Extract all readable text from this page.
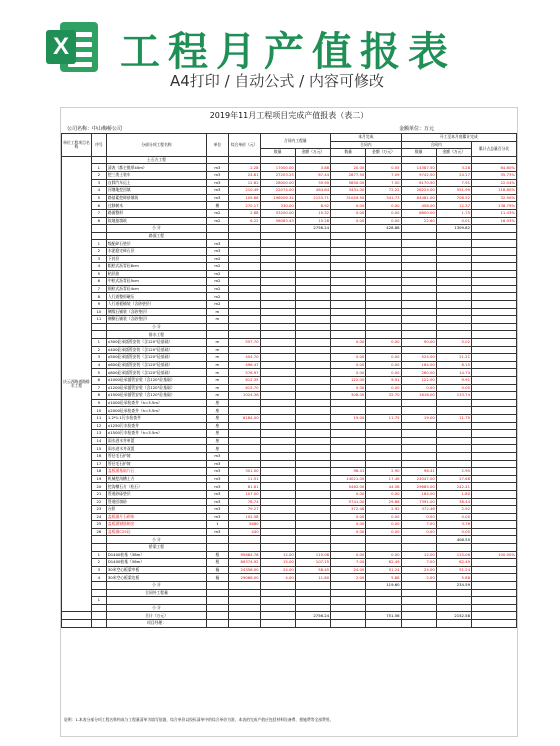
X 工程月产值报表
A4打印 / 自动公式 / 内容可修改
2019年11月工程项目完成产值报表（表二）
公司名称：中山梅桥公司	金额单位：万元
单位工程项目名称	序号	分部分项工程名称	单位	综合单价（元）	合同内工程量		本月完成		开工至本月底累计完成		
							合同内		合同内		累计占总量百分比
					数量	金额（万元）	数量	金额（万元）	数量	金额（万元）	
庆云西路道路排水工程		土石方工程									
	1	清表（都主挑厚40m）	m3	2.28	17000.00	3.88	20.00	0.05	14387.50	3.28	84.60%
	2	挖三类土装车	m3	24.81	27203.25	67.44	2877.50	7.09	9742.50	24.17	35.73%
	3	自卸汽车运土	m3	12.82	28000.00	35.90	5850.00	7.50	6170.50	7.91	22.04%
	4	河塘地挖回填	m3	210.49	22074.00	464.64	3431.00	72.22	26224.00	551.99	118.80%
	5	路基素挖碎砂填筑	m3	109.88	196009.34	2153.71	31049.50	341.73	64481.00	708.52	32.90%
	6	迁移树木	棵	270.17	330.00	8.92	0.00	0.00	458.00	12.37	138.79%
	7	路面整形	m2	2.88	53200.00	15.32	0.00	0.00	6800.00	1.75	11.43%
	8	软地基填筑	m2	6.22	56083.43	15.28	0.00	0.00	22.60	0.01	16.93%
		小 计				2756.24		428.88		1309.82	
		路面工程									
	1	级配碎石垫层	m3								
	2	水泥稳定碎石层	m3								
	3	下封层	m2								
	4	粗粒式沥青砼8cm	m2								
	5	粘层油	m2								
	6	中粒式沥青砼5cm	m2								
	7	细粒式沥青砼4cm	m2								
	8	人行道整形碾压	m2								
	9	人行道板铺装（含砂垫层）	m2								
	10	侧缘石铺装（含砂垫层）	m								
	11	侧侧石铺装（含砂垫层）	m								
		小 计									
		排水工程									
	1	¢300砼承插管安装（含120°砼基础）	m	557.70			0.00	0.00	90.00	5.02	
	2	¢400砼承插管安装（含120°砼基础）	m								
	3	¢500砼承插管安装（含120°砼基础）	m	404.70			0.00	0.00	524.00	21.21	
	4	¢600砼承插管安装（含120°砼基础）	m	496.47			0.00	0.00	164.00	8.15	
	5	¢800砼承插管安装（含120°砼基础）	m	576.97			0.00	0.00	260.00	14.74	
	6	¢1000砼承插管安装（含120°砼基础）	m	812.35			122.00	9.91	122.00	9.91	
	7	¢1200砼承插管安装（含120°砼基础）	m	615.70			0.00	0.00	0.00	0.00	
	8	¢1500砼承插管安装（含120°砼基础）	m	1024.38			308.00	32.70	1616.00	133.74	
	9	¢1000砼承检查井（h=3.5m）	座								
	10	¢2000砼承检查井（h=3.5m）	座								
	11	1.2*1.1污水检查井	座	6184.00			19.00	11.75	19.00	11.75	
	12	¢1250污水检查井	座								
	13	¢1500污水检查井（h=3.5m）	座								
	14	雨水进水井单蓖	座								
	15	雨水进水井双蓖	座								
	16	管径毛石护坡	m3								
	17	管径毛石护坡	m3								
	18	盖板涵基础片石	m3	301.00			96.41	2.90	96.41	2.90	
	19	机械挖沟槽土方	m3	11.51			14021.00	17.46	24047.00	27.68	
	20	挖沟槽石方（松石）	m3	81.61			5462.00	44.58	29685.00	242.41	
	21	管道砂砾垫层	m3	107.00			0.00	0.00	164.00	1.80	
	22	管道回填砂	m3	78.74			5741.00	29.86	7391.00	38.44	
	23	台阶	m3	79.27			372.46	2.92	372.46	2.92	
	24	盖板涵片石砌体	m3	102.58			0.00	0.00	0.00	0.00	
	25	盖板涵钢筋制安	t	5680			0.00	0.00	7.00	3.76	
	26	盖板涵C25砼	m3	440			0.00	0.00	0.00	0.00	
		小 计								408.55	
		桥梁工程									
	1	D1400桩基（38m）	根	95884.78	12.00	115.06	0.00	0.00	12.00	115.06	100.00%
	2	D1400桩基（36m）	根	89374.92	15.00	107.15	7.00	62.49	7.00	62.49	
	3	30米空心板梁中板	榀	24356.00	24.00	58.45	24.00	51.24	24.00	51.24	
	4	30米空心板梁边板	榀	29066.00	4.00	11.60	2.00	5.88	2.00	5.88	
		小 计						119.60		234.59	
		合同外工程量									
	1										
		小 计									
		合计（万元）				2756.24		751.56		2152.58	
		项目经理：									
说明：1.本表分部分项工程名称构成与工程量清单为填写依据，综合单价以投标清单中的综合单价为准，本表的完成产值应包括材料设备费、措施费等全部费用。
